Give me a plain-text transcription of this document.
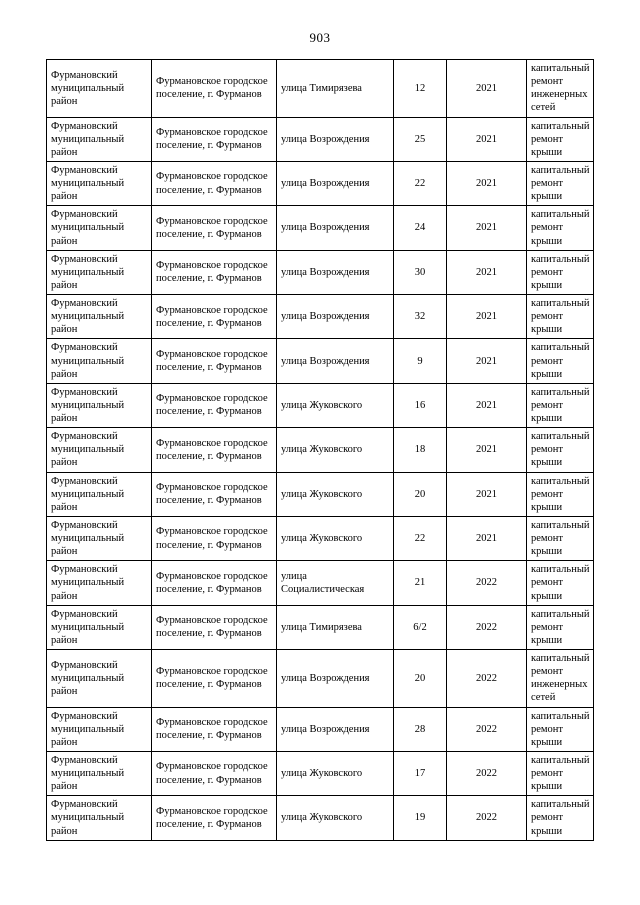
903
Фурмановский муниципальный район	Фурмановское городское поселение, г. Фурманов	улица Тимирязева	12	2021	капитальный ремонт инженерных сетей
Фурмановский муниципальный район	Фурмановское городское поселение, г. Фурманов	улица Возрождения	25	2021	капитальный ремонт крыши
Фурмановский муниципальный район	Фурмановское городское поселение, г. Фурманов	улица Возрождения	22	2021	капитальный ремонт крыши
Фурмановский муниципальный район	Фурмановское городское поселение, г. Фурманов	улица Возрождения	24	2021	капитальный ремонт крыши
Фурмановский муниципальный район	Фурмановское городское поселение, г. Фурманов	улица Возрождения	30	2021	капитальный ремонт крыши
Фурмановский муниципальный район	Фурмановское городское поселение, г. Фурманов	улица Возрождения	32	2021	капитальный ремонт крыши
Фурмановский муниципальный район	Фурмановское городское поселение, г. Фурманов	улица Возрождения	9	2021	капитальный ремонт крыши
Фурмановский муниципальный район	Фурмановское городское поселение, г. Фурманов	улица Жуковского	16	2021	капитальный ремонт крыши
Фурмановский муниципальный район	Фурмановское городское поселение, г. Фурманов	улица Жуковского	18	2021	капитальный ремонт крыши
Фурмановский муниципальный район	Фурмановское городское поселение, г. Фурманов	улица Жуковского	20	2021	капитальный ремонт крыши
Фурмановский муниципальный район	Фурмановское городское поселение, г. Фурманов	улица Жуковского	22	2021	капитальный ремонт крыши
Фурмановский муниципальный район	Фурмановское городское поселение, г. Фурманов	улица Социалистическая	21	2022	капитальный ремонт крыши
Фурмановский муниципальный район	Фурмановское городское поселение, г. Фурманов	улица Тимирязева	6/2	2022	капитальный ремонт крыши
Фурмановский муниципальный район	Фурмановское городское поселение, г. Фурманов	улица Возрождения	20	2022	капитальный ремонт инженерных сетей
Фурмановский муниципальный район	Фурмановское городское поселение, г. Фурманов	улица Возрождения	28	2022	капитальный ремонт крыши
Фурмановский муниципальный район	Фурмановское городское поселение, г. Фурманов	улица Жуковского	17	2022	капитальный ремонт крыши
Фурмановский муниципальный район	Фурмановское городское поселение, г. Фурманов	улица Жуковского	19	2022	капитальный ремонт крыши
